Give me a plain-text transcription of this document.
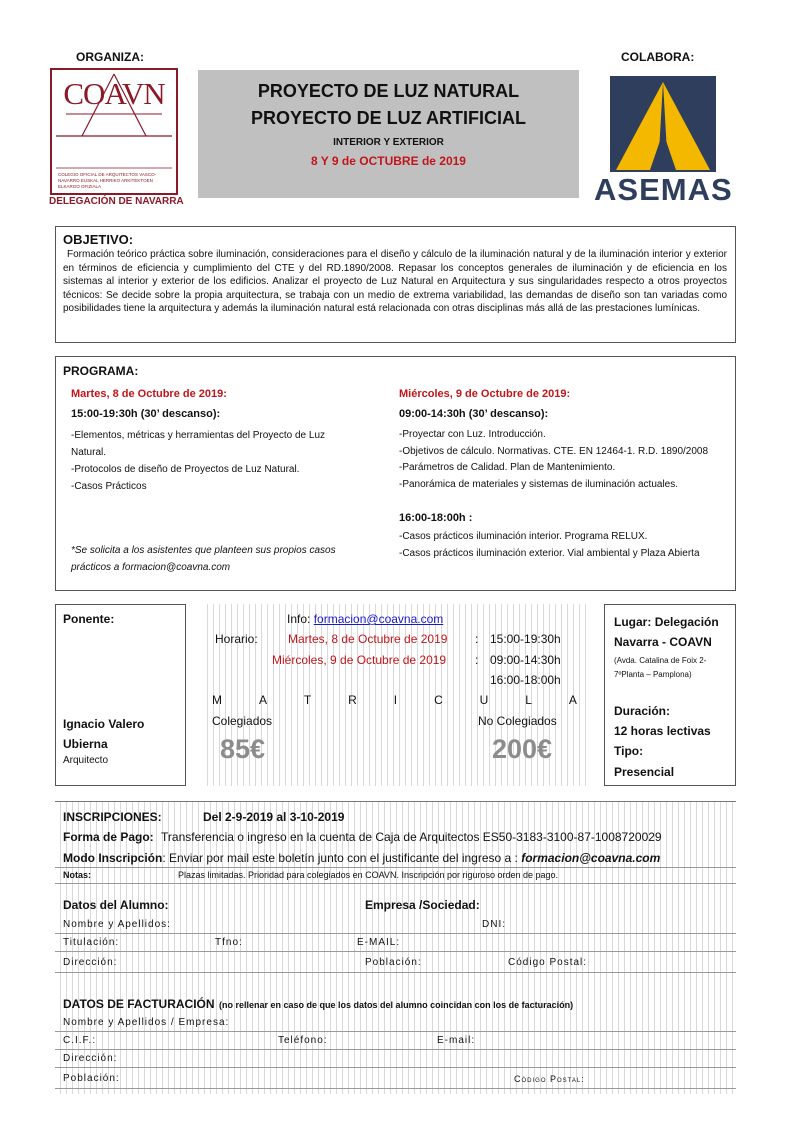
ORGANIZA:	COLABORA:
COAVN
COLEGIO OFICIAL DE ARQUITECTOS VASCO-NAVARRO EUSKAL HERRIKO ARKITEKTOEN ELKARGO OFIZIALA
DELEGACIÓN DE NAVARRA
PROYECTO DE LUZ NATURAL
PROYECTO DE LUZ ARTIFICIAL
INTERIOR Y EXTERIOR
8 Y 9 de OCTUBRE de 2019
ASEMAS
OBJETIVO:
Formación teórico práctica sobre iluminación, consideraciones para el diseño y cálculo de la iluminación natural y de la iluminación interior y exterior en términos de eficiencia y cumplimiento del CTE y del RD.1890/2008. Repasar los conceptos generales de iluminación y de eficiencia en los sistemas al interior y exterior de los edificios. Analizar el proyecto de Luz Natural en Arquitectura y sus singularidades respecto a otros proyectos técnicos: Se decide sobre la propia arquitectura, se trabaja con un medio de extrema variabilidad, las demandas de diseño son tan variadas como posibilidades tiene la arquitectura y además la iluminación natural está relacionada con otras disciplinas más allá de las prestaciones lumínicas.
PROGRAMA:
Martes, 8 de Octubre de 2019:
15:00-19:30h (30’ descanso):

-Elementos, métricas y herramientas del Proyecto de Luz Natural.

-Protocolos de diseño de Proyectos de Luz Natural.

-Casos Prácticos

*Se solicita a los asistentes que planteen sus propios casos prácticos a formacion@coavna.com
Miércoles, 9 de Octubre de 2019:
09:00-14:30h (30’ descanso):

-Proyectar con Luz. Introducción.

-Objetivos de cálculo. Normativas. CTE. EN 12464-1. R.D. 1890/2008

-Parámetros de Calidad. Plan de Mantenimiento.

-Panorámica de materiales y sistemas de iluminación actuales.

16:00-18:00h :

-Casos prácticos iluminación interior. Programa RELUX.

-Casos prácticos iluminación exterior. Vial ambiental y Plaza Abierta

Ponente:
Ignacio Valero Ubierna
Arquitecto
Info: formacion@coavna.com
Horario:	Martes, 8 de Octubre de 2019 : 15:00-19:30h
Miércoles, 9 de Octubre de 2019 : 09:00-14:30h
16:00-18:00h
M	A	T	R	I	C	U	L	A
Colegiados	No Colegiados
85€	200€
Lugar: Delegación Navarra - COAVN
(Avda. Catalina de Foix 2-7ºPlanta – Pamplona)
Duración:
12 horas lectivas
Tipo:
Presencial
INSCRIPCIONES:	Del 2-9-2019 al 3-10-2019
Forma de Pago: Transferencia o ingreso en la cuenta de Caja de Arquitectos ES50-3183-3100-87-1008720029
Modo Inscripción: Enviar por mail este boletín junto con el justificante del ingreso a : formacion@coavna.com
Notas:	Plazas limitadas. Prioridad para colegiados en COAVN. Inscripción por riguroso orden de pago.
Datos del Alumno:	Empresa /Sociedad:
Nombre y Apellidos:	DNI:
Titulación:	Tfno:	E-MAIL:
Dirección:	Población:	Código Postal:
DATOS DE FACTURACIÓN (no rellenar en caso de que los datos del alumno coincidan con los de facturación)
Nombre y Apellidos / Empresa:
C.I.F.:	Teléfono:	E-mail:
Dirección:
Población:	Código Postal:
